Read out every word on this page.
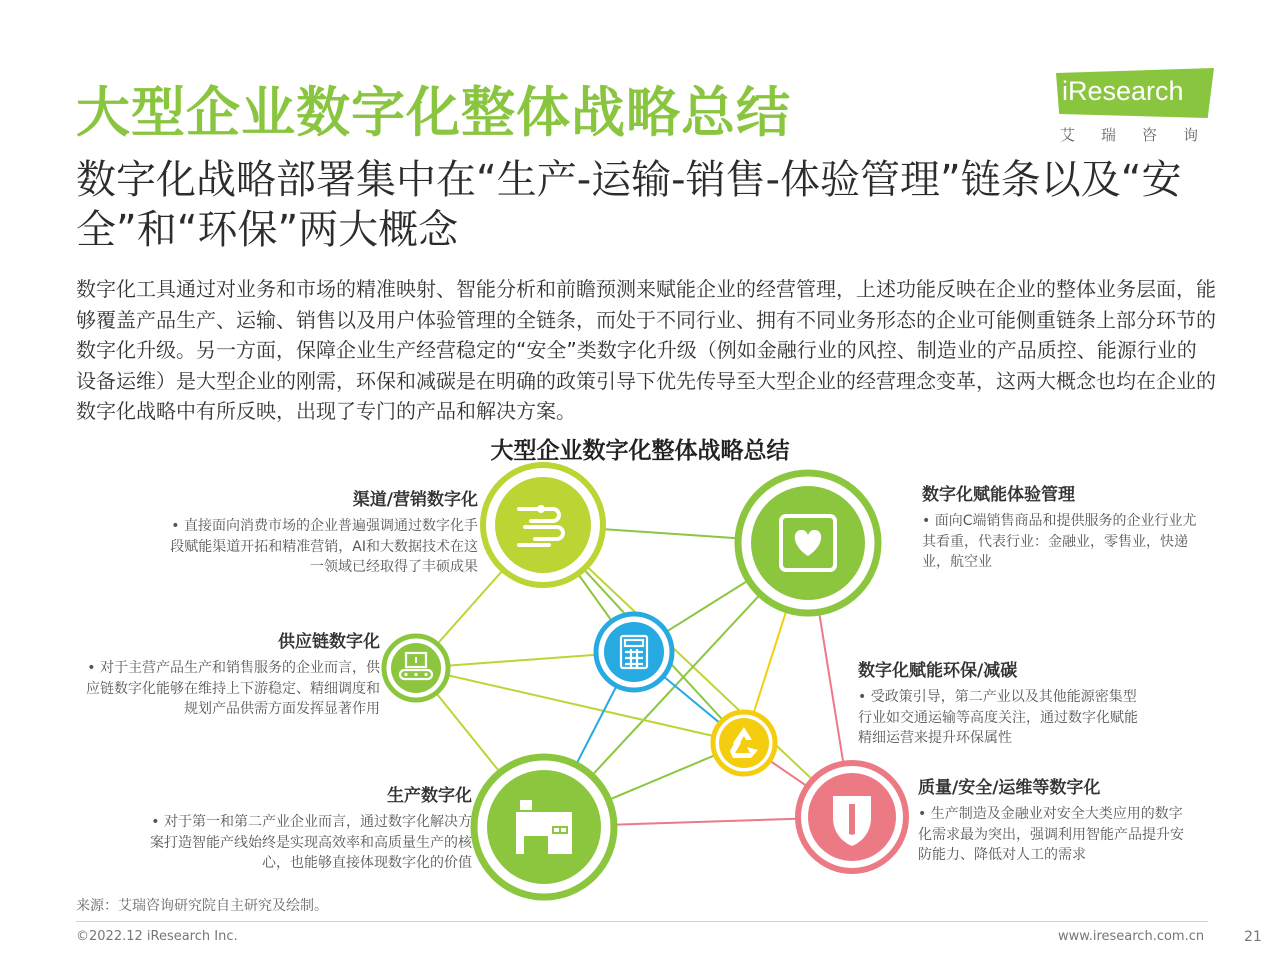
大型企业数字化整体战略总结	iResearch
艾瑞咨询
数字化战略部署集中在“生产-运输-销售-体验管理”链条以及“安全”和“环保”两大概念

数字化工具通过对业务和市场的精准映射、智能分析和前瞻预测来赋能企业的经营管理，上述功能反映在企业的整体业务层面，能够覆盖产品生产、运输、销售以及用户体验管理的全链条，而处于不同行业、拥有不同业务形态的企业可能侧重链条上部分环节的数字化升级。另一方面，保障企业生产经营稳定的“安全”类数字化升级（例如金融行业的风控、制造业的产品质控、能源行业的设备运维）是大型企业的刚需，环保和减碳是在明确的政策引导下优先传导至大型企业的经营理念变革，这两大概念也均在企业的数字化战略中有所反映，出现了专门的产品和解决方案。

大型企业数字化整体战略总结
渠道/营销数字化
• 直接面向消费市场的企业普遍强调通过数字化手段赋能渠道开拓和精准营销，AI和大数据技术在这一领域已经取得了丰硕成果
供应链数字化
• 对于主营产品生产和销售服务的企业而言，供应链数字化能够在维持上下游稳定、精细调度和规划产品供需方面发挥显著作用
生产数字化
• 对于第一和第二产业企业而言，通过数字化解决方案打造智能产线始终是实现高效率和高质量生产的核心，也能够直接体现数字化的价值
数字化赋能体验管理
• 面向C端销售商品和提供服务的企业行业尤其看重，代表行业：金融业，零售业，快递业，航空业
数字化赋能环保/减碳
• 受政策引导，第二产业以及其他能源密集型行业如交通运输等高度关注，通过数字化赋能精细运营来提升环保属性
质量/安全/运维等数字化
• 生产制造及金融业对安全大类应用的数字化需求最为突出，强调利用智能产品提升安防能力、降低对人工的需求
来源：艾瑞咨询研究院自主研究及绘制。
©2022.12 iResearch Inc.	www.iresearch.com.cn	21
